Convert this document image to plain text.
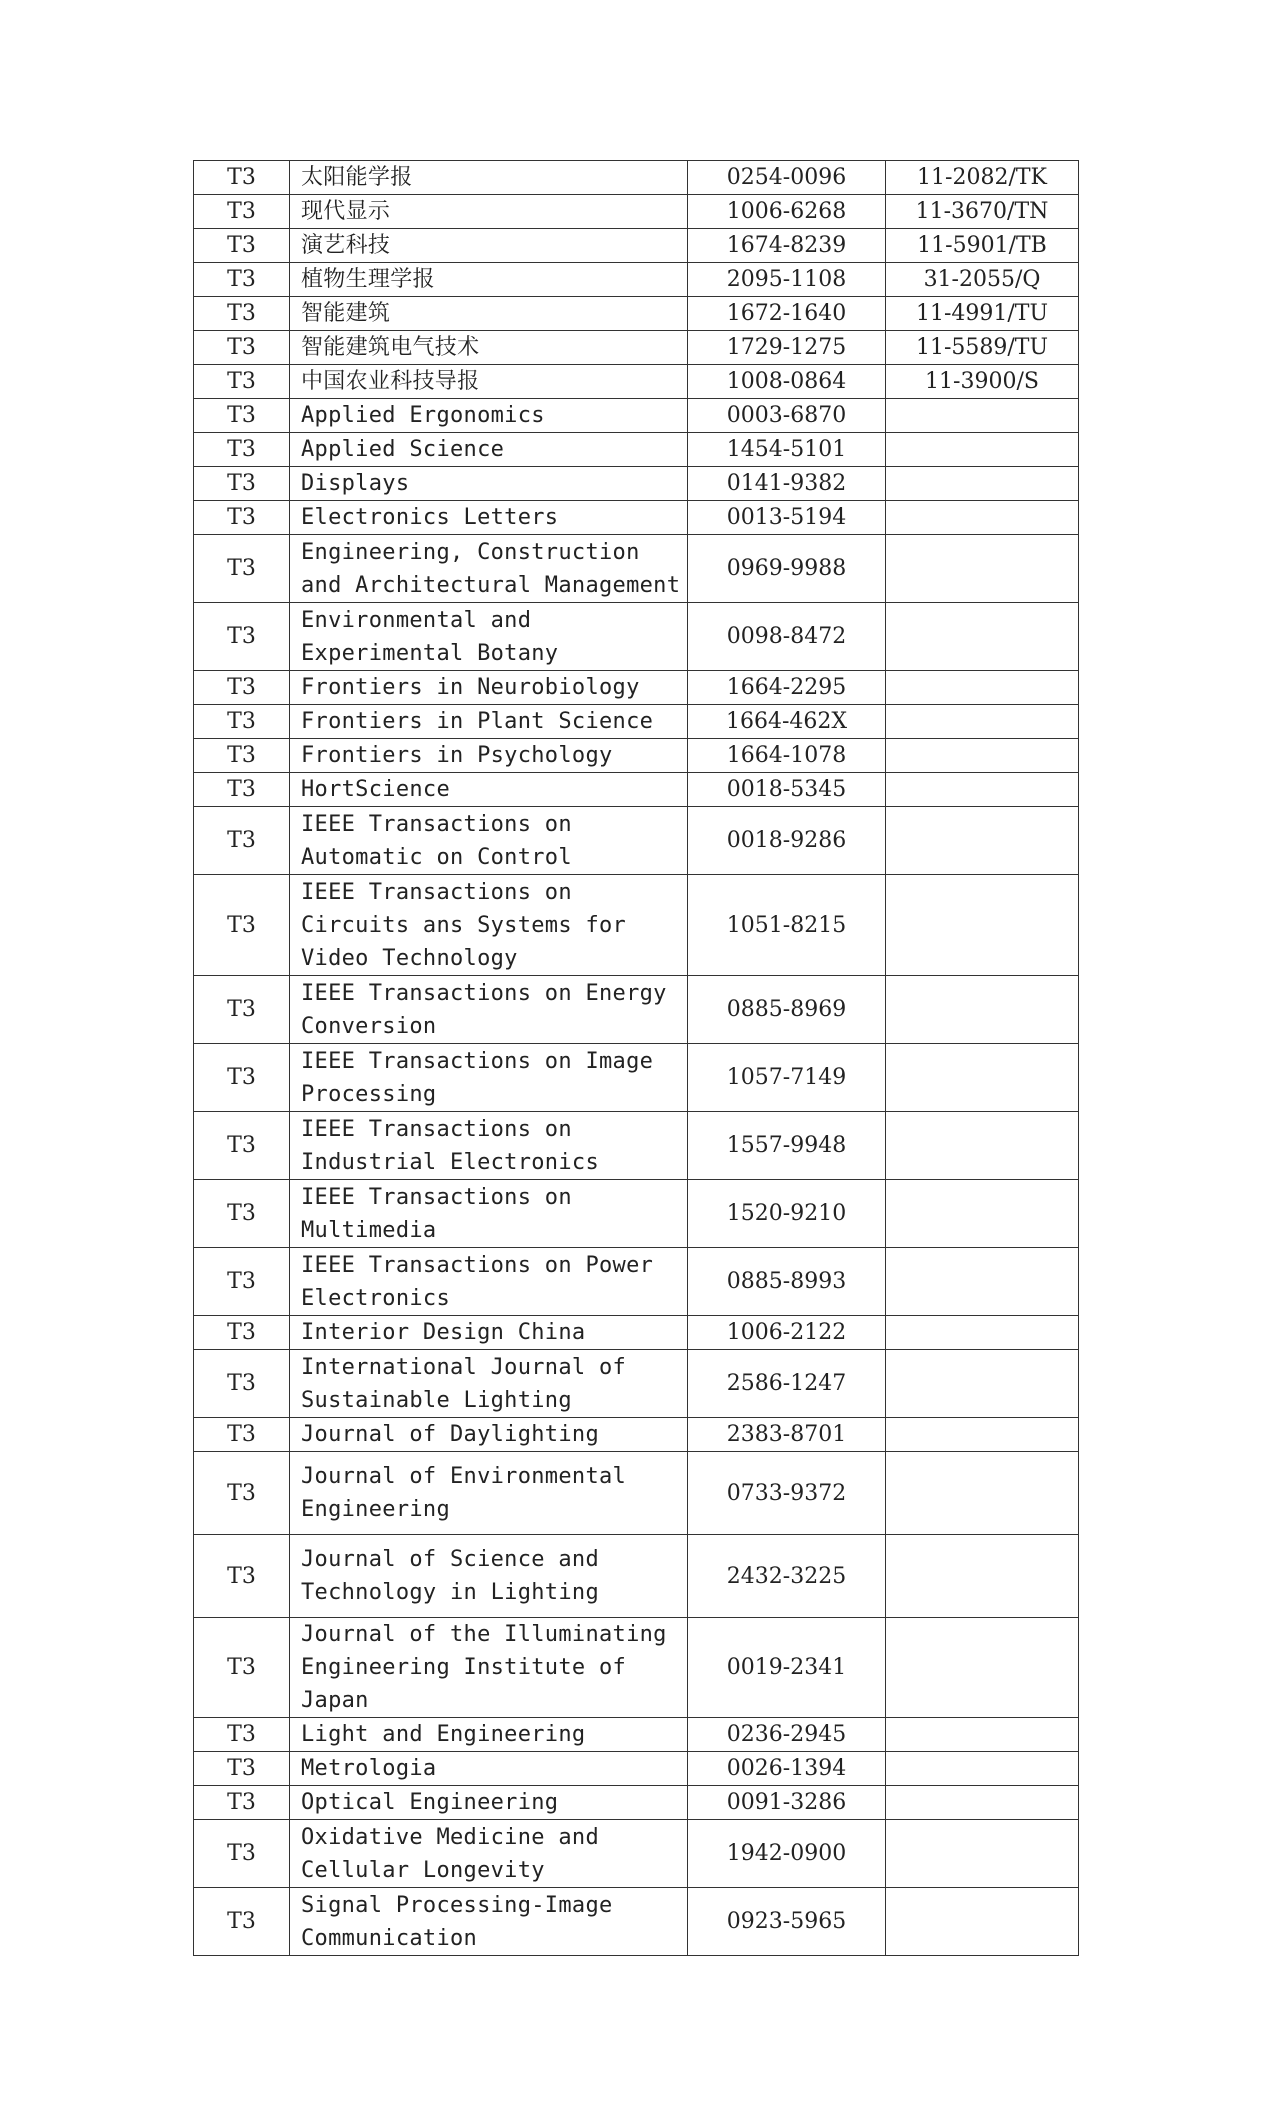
T3	太阳能学报	0254-0096	11-2082/TK
T3	现代显示	1006-6268	11-3670/TN
T3	演艺科技	1674-8239	11-5901/TB
T3	植物生理学报	2095-1108	31-2055/Q
T3	智能建筑	1672-1640	11-4991/TU
T3	智能建筑电气技术	1729-1275	11-5589/TU
T3	中国农业科技导报	1008-0864	11-3900/S
T3	Applied Ergonomics	0003-6870	
T3	Applied Science	1454-5101	
T3	Displays	0141-9382	
T3	Electronics Letters	0013-5194	
T3	Engineering, Construction and Architectural Management	0969-9988	
T3	Environmental and Experimental Botany	0098-8472	
T3	Frontiers in Neurobiology	1664-2295	
T3	Frontiers in Plant Science	1664-462X	
T3	Frontiers in Psychology	1664-1078	
T3	HortScience	0018-5345	
T3	IEEE Transactions on Automatic on Control	0018-9286	
T3	IEEE Transactions on Circuits ans Systems for Video Technology	1051-8215	
T3	IEEE Transactions on Energy Conversion	0885-8969	
T3	IEEE Transactions on Image Processing	1057-7149	
T3	IEEE Transactions on Industrial Electronics	1557-9948	
T3	IEEE Transactions on Multimedia	1520-9210	
T3	IEEE Transactions on Power Electronics	0885-8993	
T3	Interior Design China	1006-2122	
T3	International Journal of Sustainable Lighting	2586-1247	
T3	Journal of Daylighting	2383-8701	
T3	Journal of Environmental Engineering	0733-9372	
T3	Journal of Science and Technology in Lighting	2432-3225	
T3	Journal of the Illuminating Engineering Institute of Japan	0019-2341	
T3	Light and Engineering	0236-2945	
T3	Metrologia	0026-1394	
T3	Optical Engineering	0091-3286	
T3	Oxidative Medicine and Cellular Longevity	1942-0900	
T3	Signal Processing-Image Communication	0923-5965	
